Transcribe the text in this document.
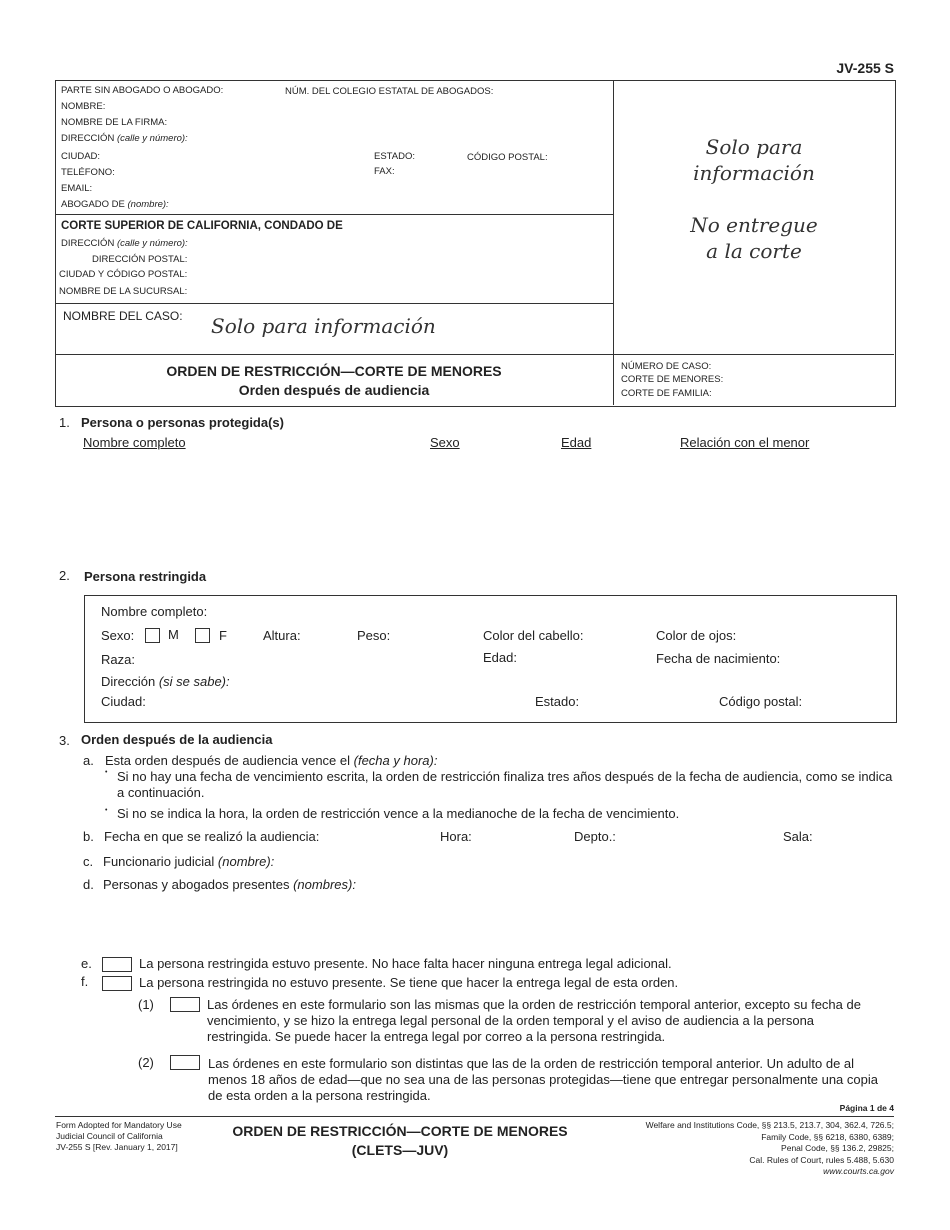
JV-255 S
PARTE SIN ABOGADO O ABOGADO:	NÚM. DEL COLEGIO ESTATAL DE ABOGADOS:
NOMBRE:
NOMBRE DE LA FIRMA:
DIRECCIÓN (calle y número):
CIUDAD:	ESTADO:	CÓDIGO POSTAL:
TELÉFONO:	FAX:
EMAIL:
ABOGADO DE (nombre):
CORTE SUPERIOR DE CALIFORNIA, CONDADO DE
DIRECCIÓN (calle y número):
DIRECCIÓN POSTAL:
CIUDAD Y CÓDIGO POSTAL:
NOMBRE DE LA SUCURSAL:
NOMBRE DEL CASO: Solo para información
Solo para
información
No entregue
a la corte
ORDEN DE RESTRICCIÓN—CORTE DE MENORES
Orden después de audiencia
NÚMERO DE CASO:
CORTE DE MENORES:
CORTE DE FAMILIA:
1. Persona o personas protegida(s)
Nombre completo	Sexo	Edad	Relación con el menor
2. Persona restringida
Nombre completo:
Sexo:	M	F	Altura:	Peso:	Color del cabello:	Color de ojos:
Raza:	Edad:	Fecha de nacimiento:
Dirección (si se sabe):
Ciudad:	Estado:	Código postal:
3. Orden después de la audiencia
a. Esta orden después de audiencia vence el (fecha y hora):
• Si no hay una fecha de vencimiento escrita, la orden de restricción finaliza tres años después de la fecha de audiencia, como se indica a continuación.
• Si no se indica la hora, la orden de restricción vence a la medianoche de la fecha de vencimiento.
b. Fecha en que se realizó la audiencia:	Hora:	Depto.:	Sala:
c. Funcionario judicial (nombre):
d. Personas y abogados presentes (nombres):
e.	La persona restringida estuvo presente. No hace falta hacer ninguna entrega legal adicional.
f.	La persona restringida no estuvo presente. Se tiene que hacer la entrega legal de esta orden.
(1)	Las órdenes en este formulario son las mismas que la orden de restricción temporal anterior, excepto su fecha de vencimiento, y se hizo la entrega legal personal de la orden temporal y el aviso de audiencia a la persona restringida. Se puede hacer la entrega legal por correo a la persona restringida.
(2)	Las órdenes en este formulario son distintas que las de la orden de restricción temporal anterior. Un adulto de al menos 18 años de edad—que no sea una de las personas protegidas—tiene que entregar personalmente una copia de esta orden a la persona restringida.
Página 1 de 4
Form Adopted for Mandatory Use
Judicial Council of California
JV-255 S [Rev. January 1, 2017]
ORDEN DE RESTRICCIÓN—CORTE DE MENORES
(CLETS—JUV)
Welfare and Institutions Code, §§ 213.5, 213.7, 304, 362.4, 726.5;
Family Code, §§ 6218, 6380, 6389;
Penal Code, §§ 136.2, 29825;
Cal. Rules of Court, rules 5.488, 5.630
www.courts.ca.gov
